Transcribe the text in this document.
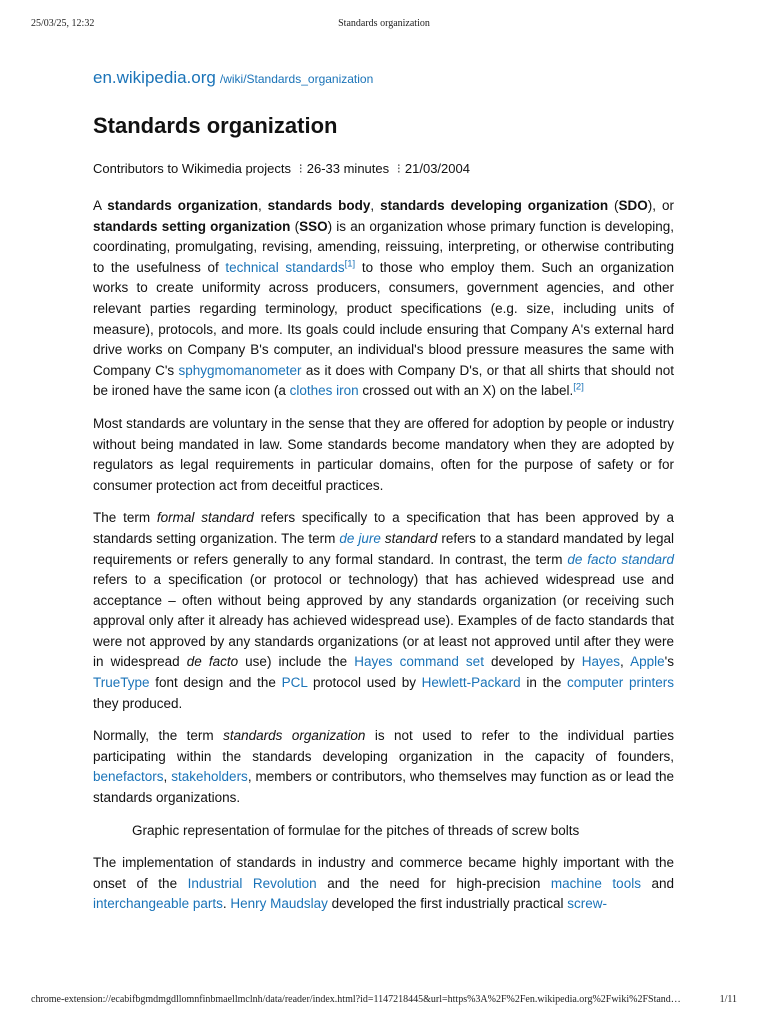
25/03/25, 12:32	Standards organization
en.wikipedia.org /wiki/Standards_organization
Standards organization
Contributors to Wikimedia projects ⁝ 26-33 minutes ⁝ 21/03/2004

A standards organization, standards body, standards developing organization (SDO), or standards setting organization (SSO) is an organization whose primary function is developing, coordinating, promulgating, revising, amending, reissuing, interpreting, or otherwise contributing to the usefulness of technical standards[1] to those who employ them. Such an organization works to create uniformity across producers, consumers, government agencies, and other relevant parties regarding terminology, product specifications (e.g. size, including units of measure), protocols, and more. Its goals could include ensuring that Company A's external hard drive works on Company B's computer, an individual's blood pressure measures the same with Company C's sphygmomanometer as it does with Company D's, or that all shirts that should not be ironed have the same icon (a clothes iron crossed out with an X) on the label.[2]

Most standards are voluntary in the sense that they are offered for adoption by people or industry without being mandated in law. Some standards become mandatory when they are adopted by regulators as legal requirements in particular domains, often for the purpose of safety or for consumer protection act from deceitful practices.

The term formal standard refers specifically to a specification that has been approved by a standards setting organization. The term de jure standard refers to a standard mandated by legal requirements or refers generally to any formal standard. In contrast, the term de facto standard refers to a specification (or protocol or technology) that has achieved widespread use and acceptance – often without being approved by any standards organization (or receiving such approval only after it already has achieved widespread use). Examples of de facto standards that were not approved by any standards organizations (or at least not approved until after they were in widespread de facto use) include the Hayes command set developed by Hayes, Apple's TrueType font design and the PCL protocol used by Hewlett-Packard in the computer printers they produced.

Normally, the term standards organization is not used to refer to the individual parties participating within the standards developing organization in the capacity of founders, benefactors, stakeholders, members or contributors, who themselves may function as or lead the standards organizations.

Graphic representation of formulae for the pitches of threads of screw bolts

The implementation of standards in industry and commerce became highly important with the onset of the Industrial Revolution and the need for high-precision machine tools and interchangeable parts. Henry Maudslay developed the first industrially practical screw-

chrome-extension://ecabifbgmdmgdllomnfinbmaellmclnh/data/reader/index.html?id=1147218445&url=https%3A%2F%2Fen.wikipedia.org%2Fwiki%2FStand…	1/11
